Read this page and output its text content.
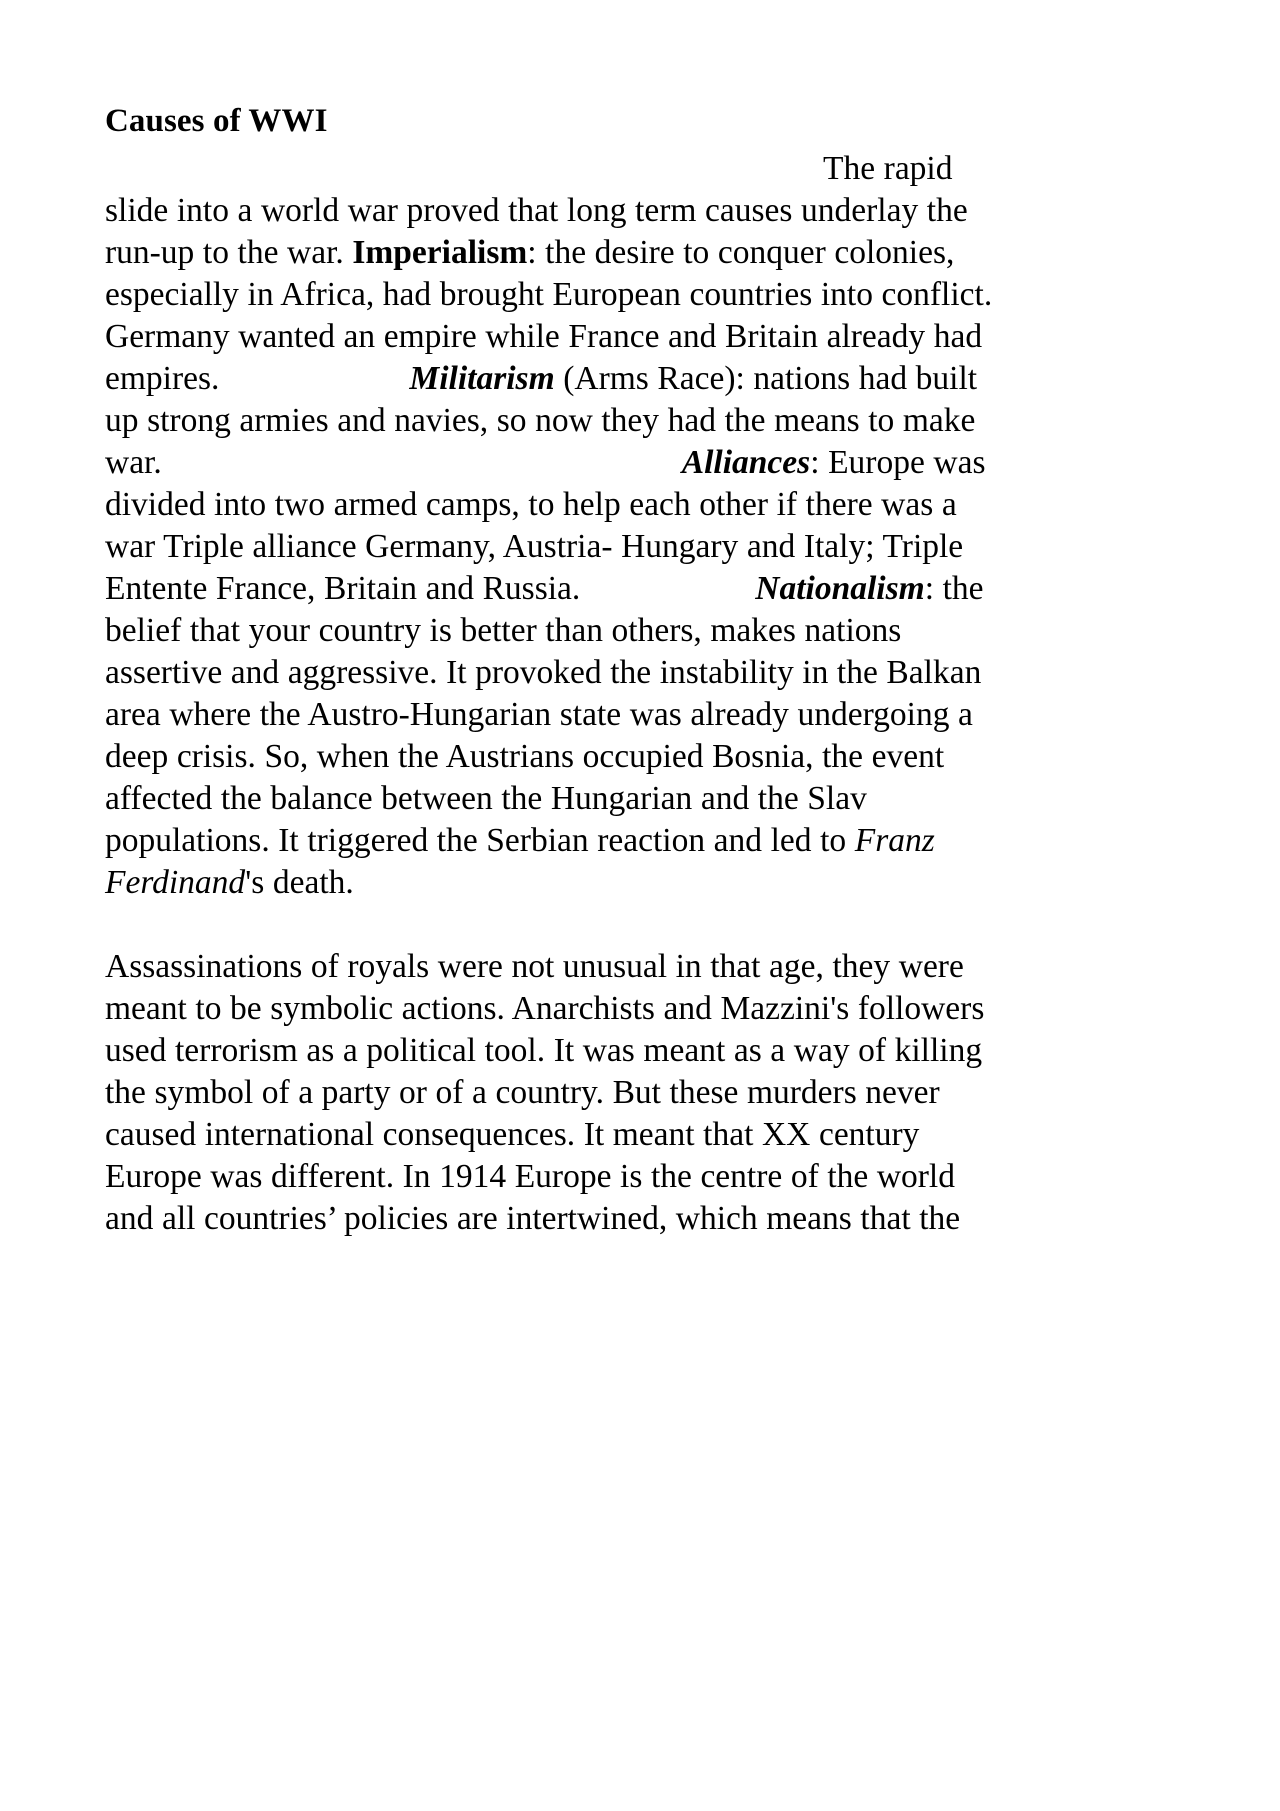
Causes of WWI

The rapid slide into a world war proved that long term causes underlay the run-up to the war. Imperialism: the desire to conquer colonies, especially in Africa, had brought European countries into conflict. Germany wanted an empire while France and Britain already had empires.	Militarism (Arms Race): nations had built up strong armies and navies, so now they had the means to make war.	Alliances: Europe was divided into two armed camps, to help each other if there was a war Triple alliance Germany, Austria- Hungary and Italy; Triple Entente France, Britain and Russia.	Nationalism: the belief that your country is better than others, makes nations assertive and aggressive. It provoked the instability in the Balkan area where the Austro-Hungarian state was already undergoing a deep crisis. So, when the Austrians occupied Bosnia, the event affected the balance between the Hungarian and the Slav populations. It triggered the Serbian reaction and led to Franz Ferdinand's death.

Assassinations of royals were not unusual in that age, they were meant to be symbolic actions. Anarchists and Mazzini's followers used terrorism as a political tool. It was meant as a way of killing the symbol of a party or of a country. But these murders never caused international consequences. It meant that XX century Europe was different. In 1914 Europe is the centre of the world and all countries’ policies are intertwined, which means that the
